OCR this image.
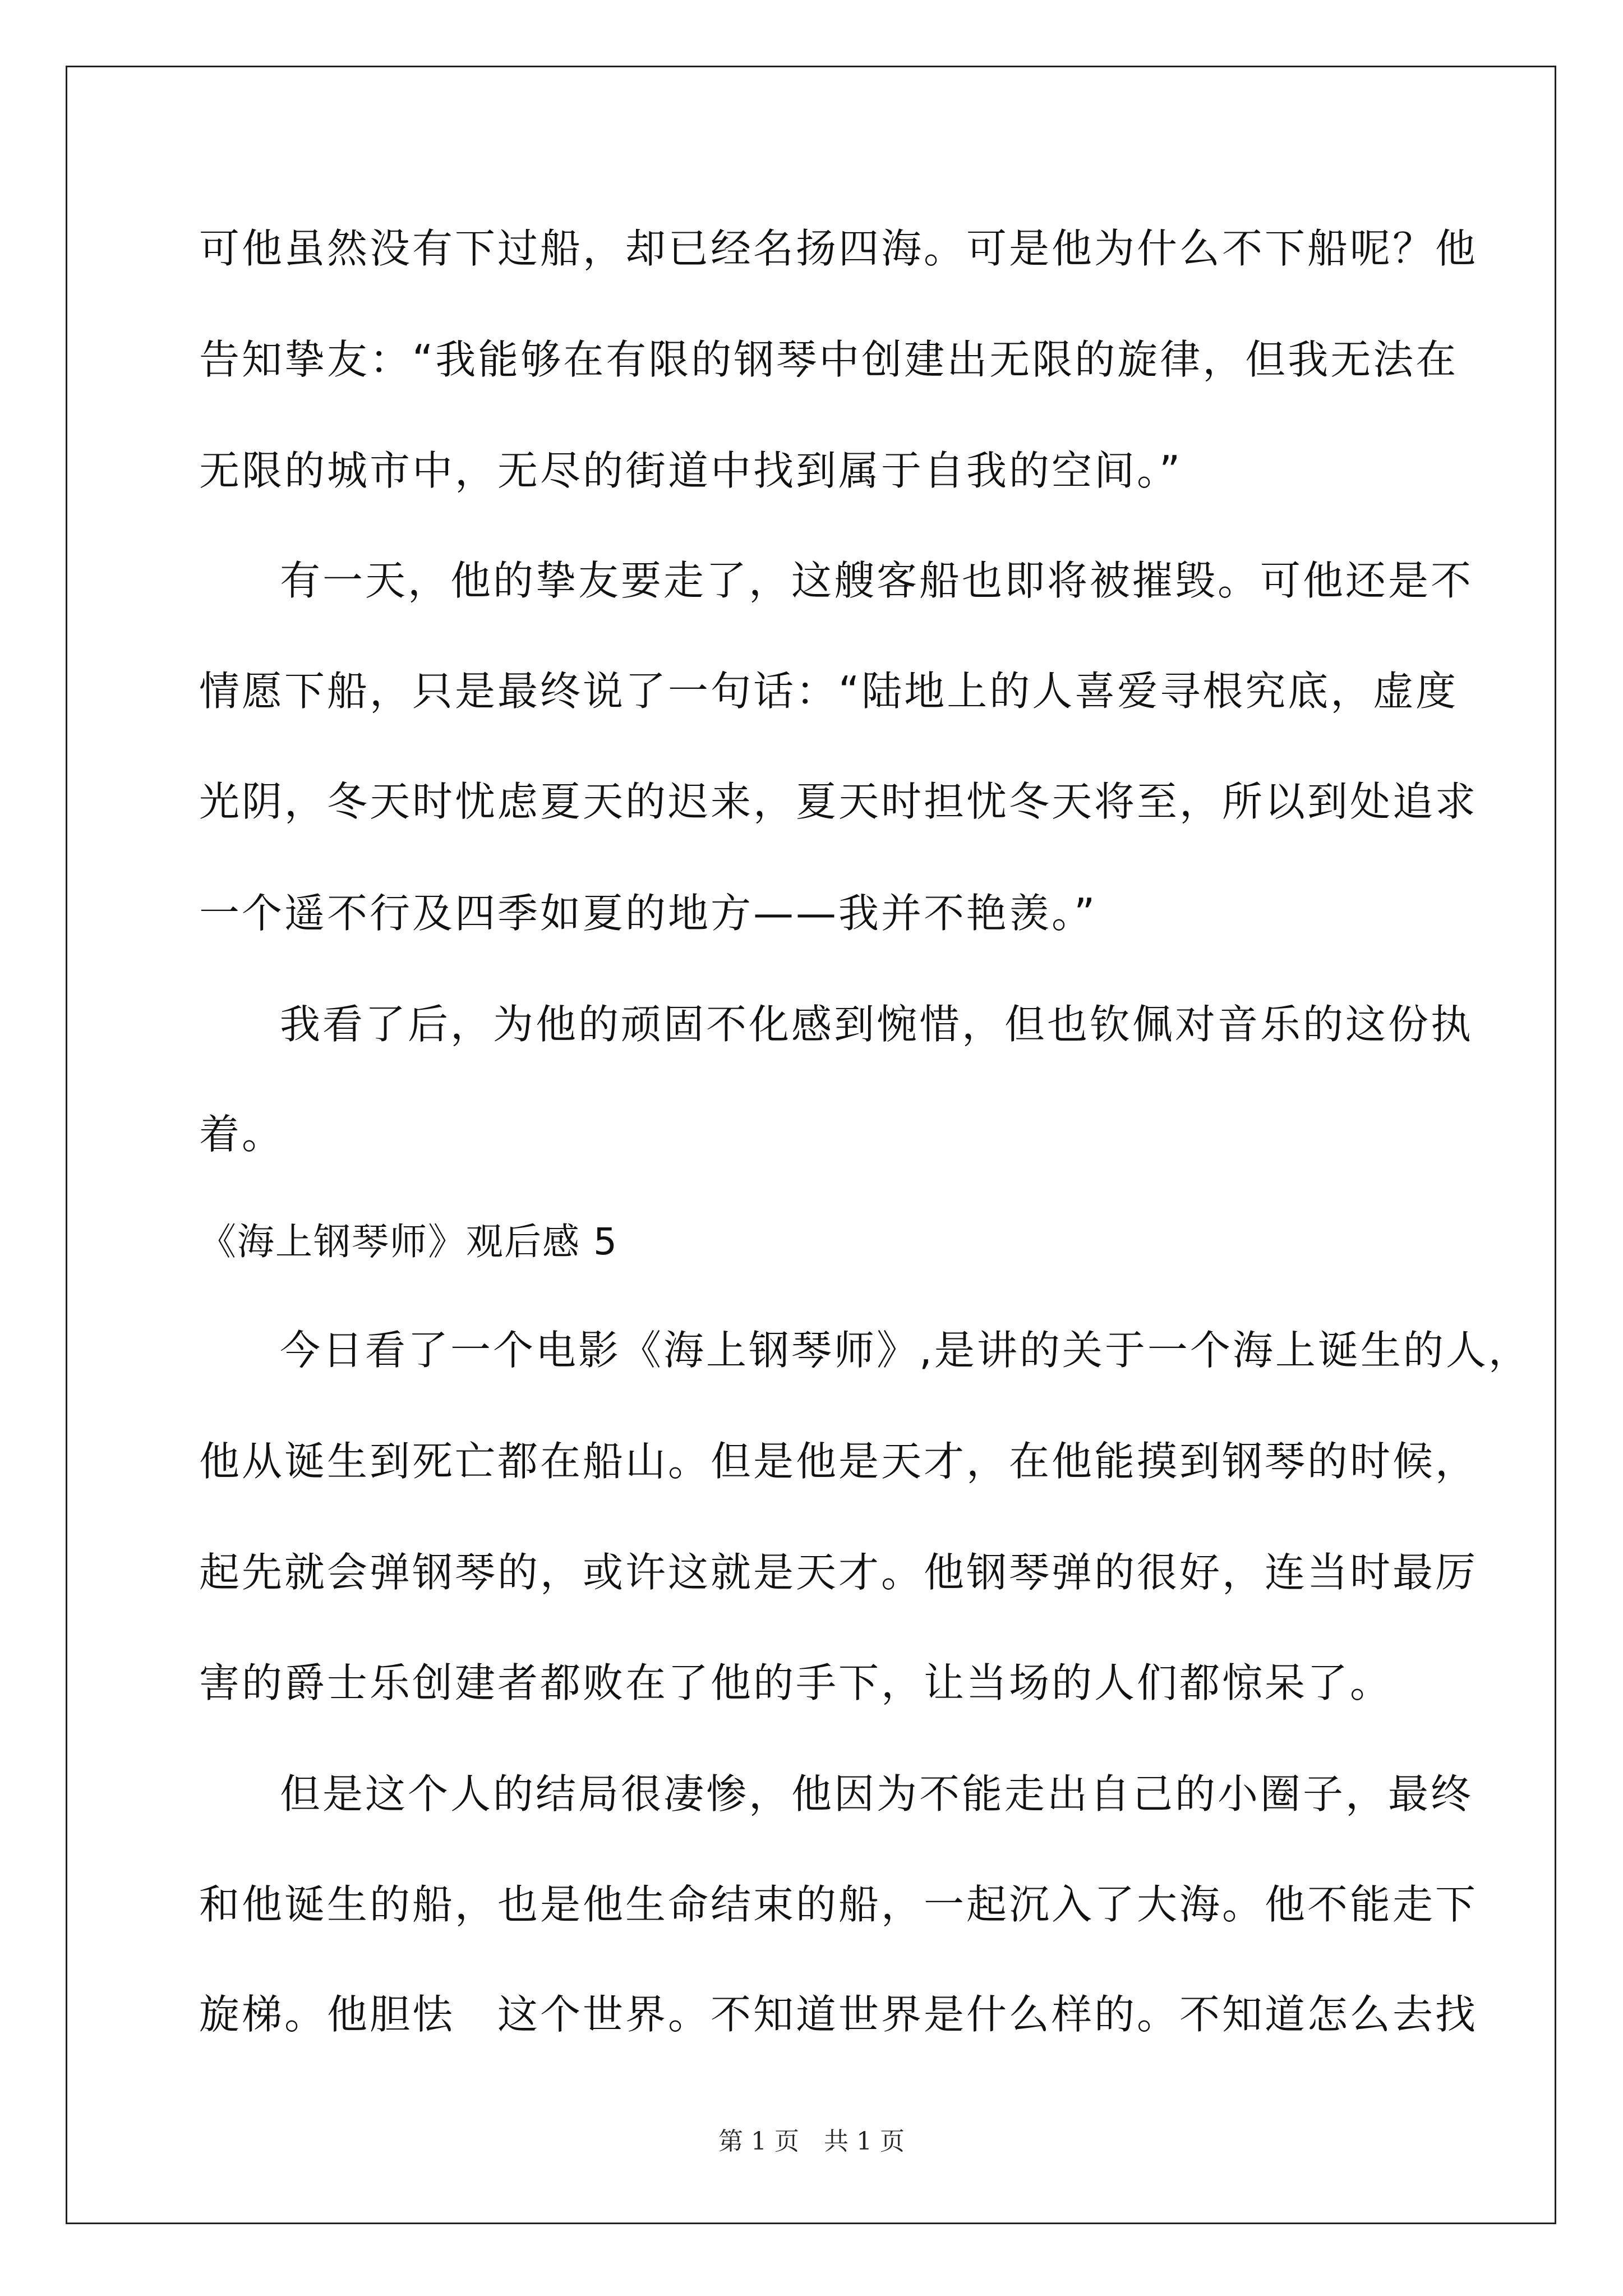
可他虽然没有下过船，却已经名扬四海。可是他为什么不下船呢？他
告知挚友：“我能够在有限的钢琴中创建出无限的旋律，但我无法在
无限的城市中，无尽的街道中找到属于自我的空间。”
有一天，他的挚友要走了，这艘客船也即将被摧毁。可他还是不
情愿下船，只是最终说了一句话：“陆地上的人喜爱寻根究底，虚度
光阴，冬天时忧虑夏天的迟来，夏天时担忧冬天将至，所以到处追求
一个遥不行及四季如夏的地方——我并不艳羡。”
我看了后，为他的顽固不化感到惋惜，但也钦佩对音乐的这份执
着。
《海上钢琴师》观后感 5
今日看了一个电影《海上钢琴师》,是讲的关于一个海上诞生的人，
他从诞生到死亡都在船山。但是他是天才，在他能摸到钢琴的时候，
起先就会弹钢琴的，或许这就是天才。他钢琴弹的很好，连当时最厉
害的爵士乐创建者都败在了他的手下，让当场的人们都惊呆了。
但是这个人的结局很凄惨，他因为不能走出自己的小圈子，最终
和他诞生的船，也是他生命结束的船，一起沉入了大海。他不能走下
旋梯。他胆怯　这个世界。不知道世界是什么样的。不知道怎么去找
第 1 页　共 1 页
